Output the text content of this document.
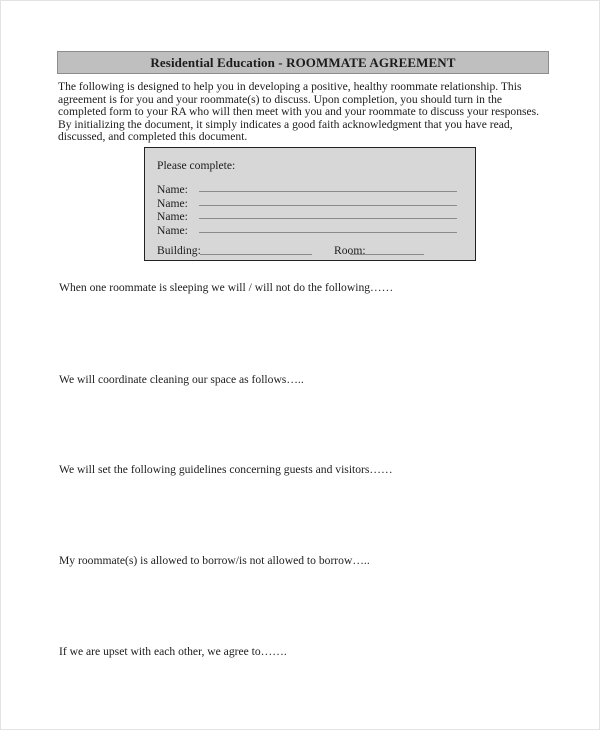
Residential Education - ROOMMATE AGREEMENT

The following is designed to help you in developing a positive, healthy roommate relationship. This agreement is for you and your roommate(s) to discuss. Upon completion, you should turn in the completed form to your RA who will then meet with you and your roommate to discuss your responses. By initializing the document, it simply indicates a good faith acknowledgment that you have read, discussed, and completed this document.

Please complete:
Name:
Name:
Name:
Name:
Building:	Room:
When one roommate is sleeping we will / will not do the following……
We will coordinate cleaning our space as follows…..
We will set the following guidelines concerning guests and visitors……
My roommate(s) is allowed to borrow/is not allowed to borrow…..
If we are upset with each other, we agree to…….
